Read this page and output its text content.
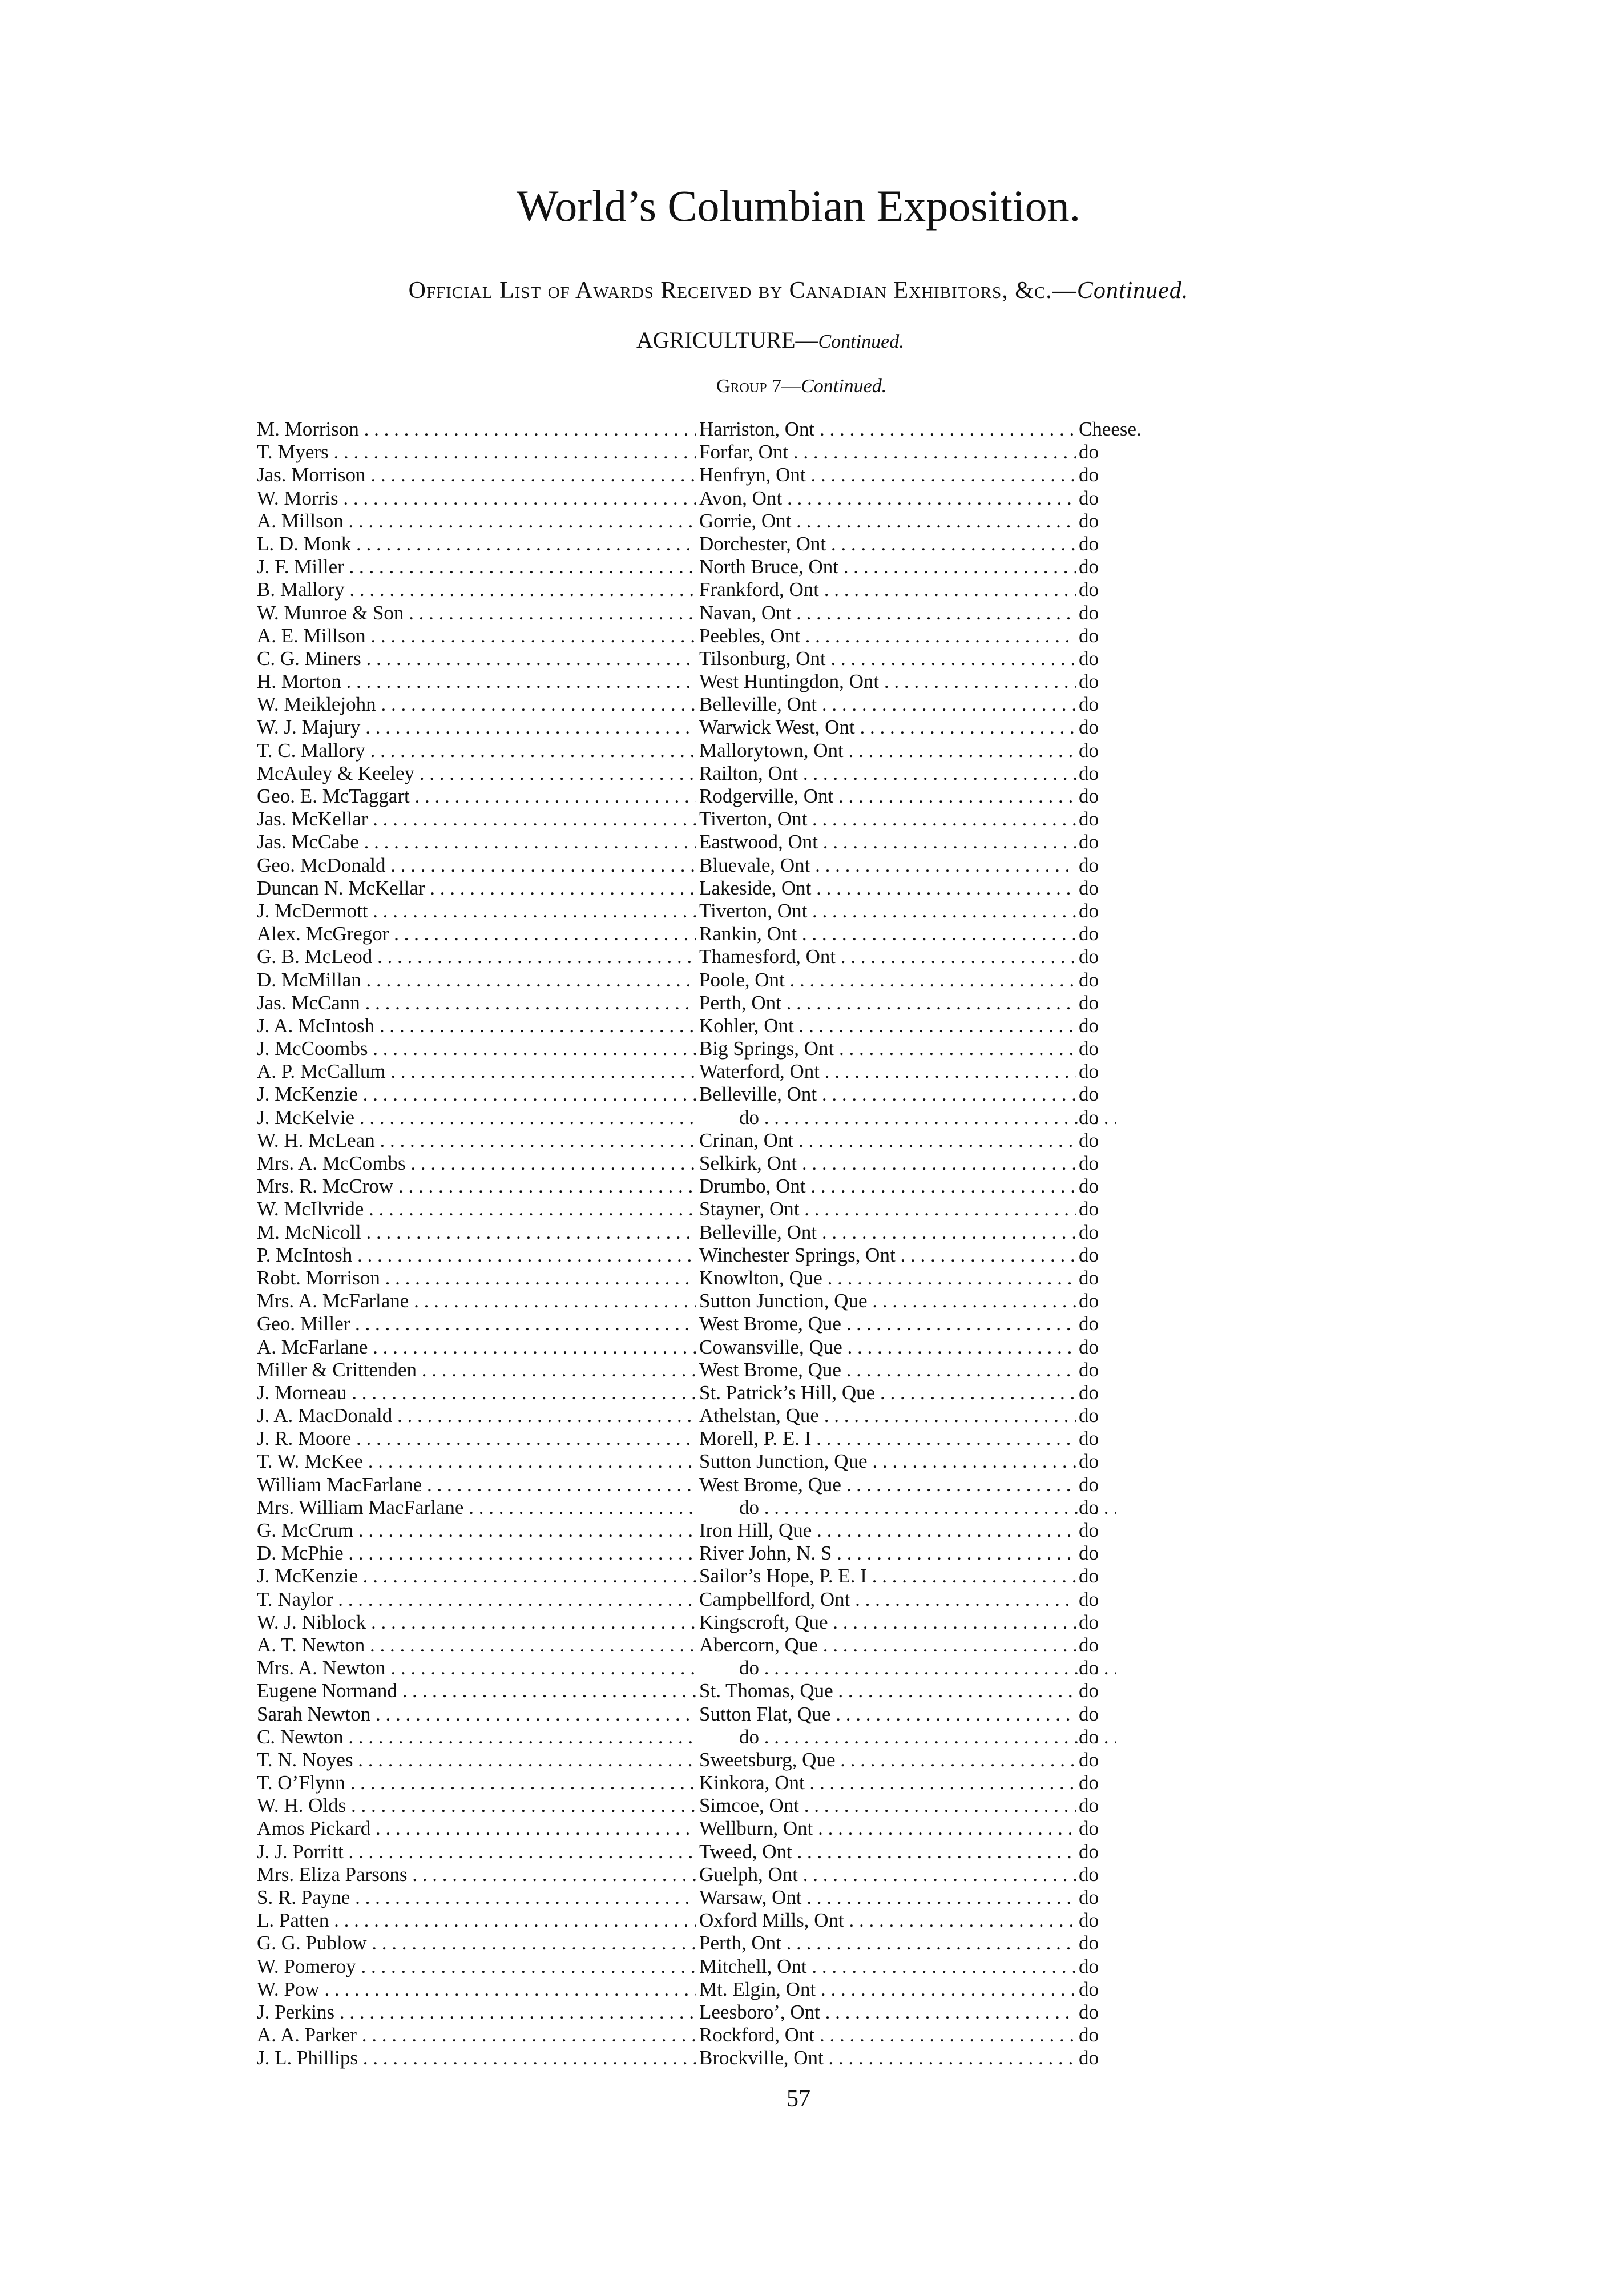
World’s Columbian Exposition.
Official List of Awards Received by Canadian Exhibitors, &c.—Continued.
AGRICULTURE—Continued.
Group 7—Continued.
M. Morrison . . .	Harriston, Ont . . .	Cheese.
T. Myers . . .	Forfar, Ont . . .	do
Jas. Morrison . . .	Henfryn, Ont . . .	do
W. Morris . . .	Avon, Ont . . .	do
A. Millson . . .	Gorrie, Ont . . .	do
L. D. Monk . . .	Dorchester, Ont . . .	do
J. F. Miller . . .	North Bruce, Ont . . .	do
B. Mallory . . .	Frankford, Ont . . .	do
W. Munroe & Son . . .	Navan, Ont . . .	do
A. E. Millson . . .	Peebles, Ont . . .	do
C. G. Miners . . .	Tilsonburg, Ont . . .	do
H. Morton . . .	West Huntingdon, Ont . . .	do
W. Meiklejohn . . .	Belleville, Ont . . .	do
W. J. Majury . . .	Warwick West, Ont . . .	do
T. C. Mallory . . .	Mallorytown, Ont . . .	do
McAuley & Keeley . . .	Railton, Ont . . .	do
Geo. E. McTaggart . . .	Rodgerville, Ont . . .	do
Jas. McKellar . . .	Tiverton, Ont . . .	do
Jas. McCabe . . .	Eastwood, Ont . . .	do
Geo. McDonald . . .	Bluevale, Ont . . .	do
Duncan N. McKellar . . .	Lakeside, Ont . . .	do
J. McDermott . . .	Tiverton, Ont . . .	do
Alex. McGregor . . .	Rankin, Ont . . .	do
G. B. McLeod . . .	Thamesford, Ont . . .	do
D. McMillan . . .	Poole, Ont . . .	do
Jas. McCann . . .	Perth, Ont . . .	do
J. A. McIntosh . . .	Kohler, Ont . . .	do
J. McCoombs . . .	Big Springs, Ont . . .	do
A. P. McCallum . . .	Waterford, Ont . . .	do
J. McKenzie . . .	Belleville, Ont . . .	do
J. McKelvie . . .	do . . .	do
W. H. McLean . . .	Crinan, Ont . . .	do
Mrs. A. McCombs . . .	Selkirk, Ont . . .	do
Mrs. R. McCrow . . .	Drumbo, Ont . . .	do
W. McIlvride . . .	Stayner, Ont . . .	do
M. McNicoll . . .	Belleville, Ont . . .	do
P. McIntosh . . .	Winchester Springs, Ont . . .	do
Robt. Morrison . . .	Knowlton, Que . . .	do
Mrs. A. McFarlane . . .	Sutton Junction, Que . . .	do
Geo. Miller . . .	West Brome, Que . . .	do
A. McFarlane . . .	Cowansville, Que . . .	do
Miller & Crittenden . . .	West Brome, Que . . .	do
J. Morneau . . .	St. Patrick’s Hill, Que . . .	do
J. A. MacDonald . . .	Athelstan, Que . . .	do
J. R. Moore . . .	Morell, P. E. I . . .	do
T. W. McKee . . .	Sutton Junction, Que . . .	do
William MacFarlane . . .	West Brome, Que . . .	do
Mrs. William MacFarlane . . .	do . . .	do
G. McCrum . . .	Iron Hill, Que . . .	do
D. McPhie . . .	River John, N. S . . .	do
J. McKenzie . . .	Sailor’s Hope, P. E. I . . .	do
T. Naylor . . .	Campbellford, Ont . . .	do
W. J. Niblock . . .	Kingscroft, Que . . .	do
A. T. Newton . . .	Abercorn, Que . . .	do
Mrs. A. Newton . . .	do . . .	do
Eugene Normand . . .	St. Thomas, Que . . .	do
Sarah Newton . . .	Sutton Flat, Que . . .	do
C. Newton . . .	do . . .	do
T. N. Noyes . . .	Sweetsburg, Que . . .	do
T. O’Flynn . . .	Kinkora, Ont . . .	do
W. H. Olds . . .	Simcoe, Ont . . .	do
Amos Pickard . . .	Wellburn, Ont . . .	do
J. J. Porritt . . .	Tweed, Ont . . .	do
Mrs. Eliza Parsons . . .	Guelph, Ont . . .	do
S. R. Payne . . .	Warsaw, Ont . . .	do
L. Patten . . .	Oxford Mills, Ont . . .	do
G. G. Publow . . .	Perth, Ont . . .	do
W. Pomeroy . . .	Mitchell, Ont . . .	do
W. Pow . . .	Mt. Elgin, Ont . . .	do
J. Perkins . . .	Leesboro’, Ont . . .	do
A. A. Parker . . .	Rockford, Ont . . .	do
J. L. Phillips . . .	Brockville, Ont . . .	do
57
